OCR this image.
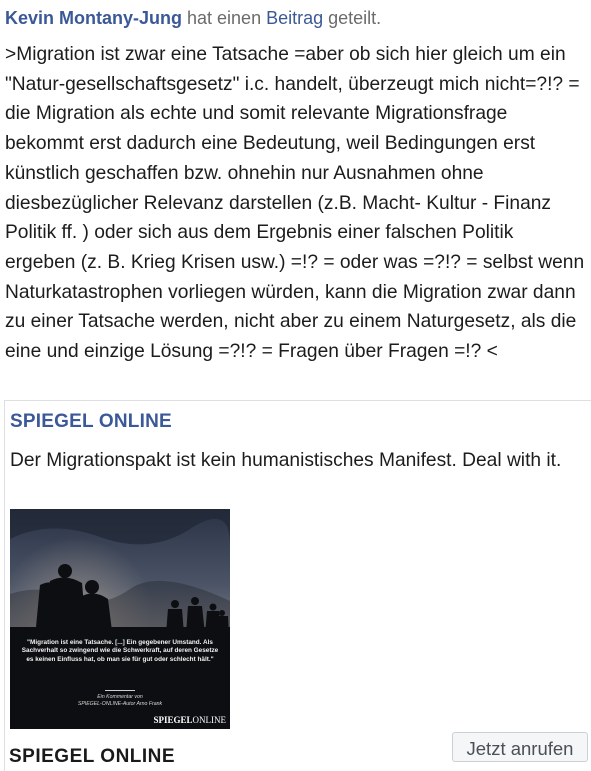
Kevin Montany-Jung hat einen Beitrag geteilt.
>Migration ist zwar eine Tatsache =aber ob sich hier gleich um ein "Natur-gesellschaftsgesetz" i.c. handelt, überzeugt mich nicht=?!? = die Migration als echte und somit relevante Migrationsfrage bekommt erst dadurch eine Bedeutung, weil Bedingungen erst künstlich geschaffen bzw. ohnehin nur Ausnahmen ohne diesbezüglicher Relevanz darstellen (z.B. Macht- Kultur - Finanz Politik ff. ) oder sich aus dem Ergebnis einer falschen Politik ergeben (z. B. Krieg Krisen usw.) =!? = oder was =?!? = selbst wenn Naturkatastrophen vorliegen würden, kann die Migration zwar dann zu einer Tatsache werden, nicht aber zu einem Naturgesetz, als die eine und einzige Lösung =?!? = Fragen über Fragen =!? <
SPIEGEL ONLINE
Der Migrationspakt ist kein humanistisches Manifest. Deal with it.
"Migration ist eine Tatsache. [...] Ein gegebener Umstand. Als Sachverhalt so zwingend wie die Schwerkraft, auf deren Gesetze es keinen Einfluss hat, ob man sie für gut oder schlecht hält."
Ein Kommentar von
SPIEGEL-ONLINE-Autor Arno Frank
SPIEGELONLINE
SPIEGEL ONLINE	Jetzt anrufen
